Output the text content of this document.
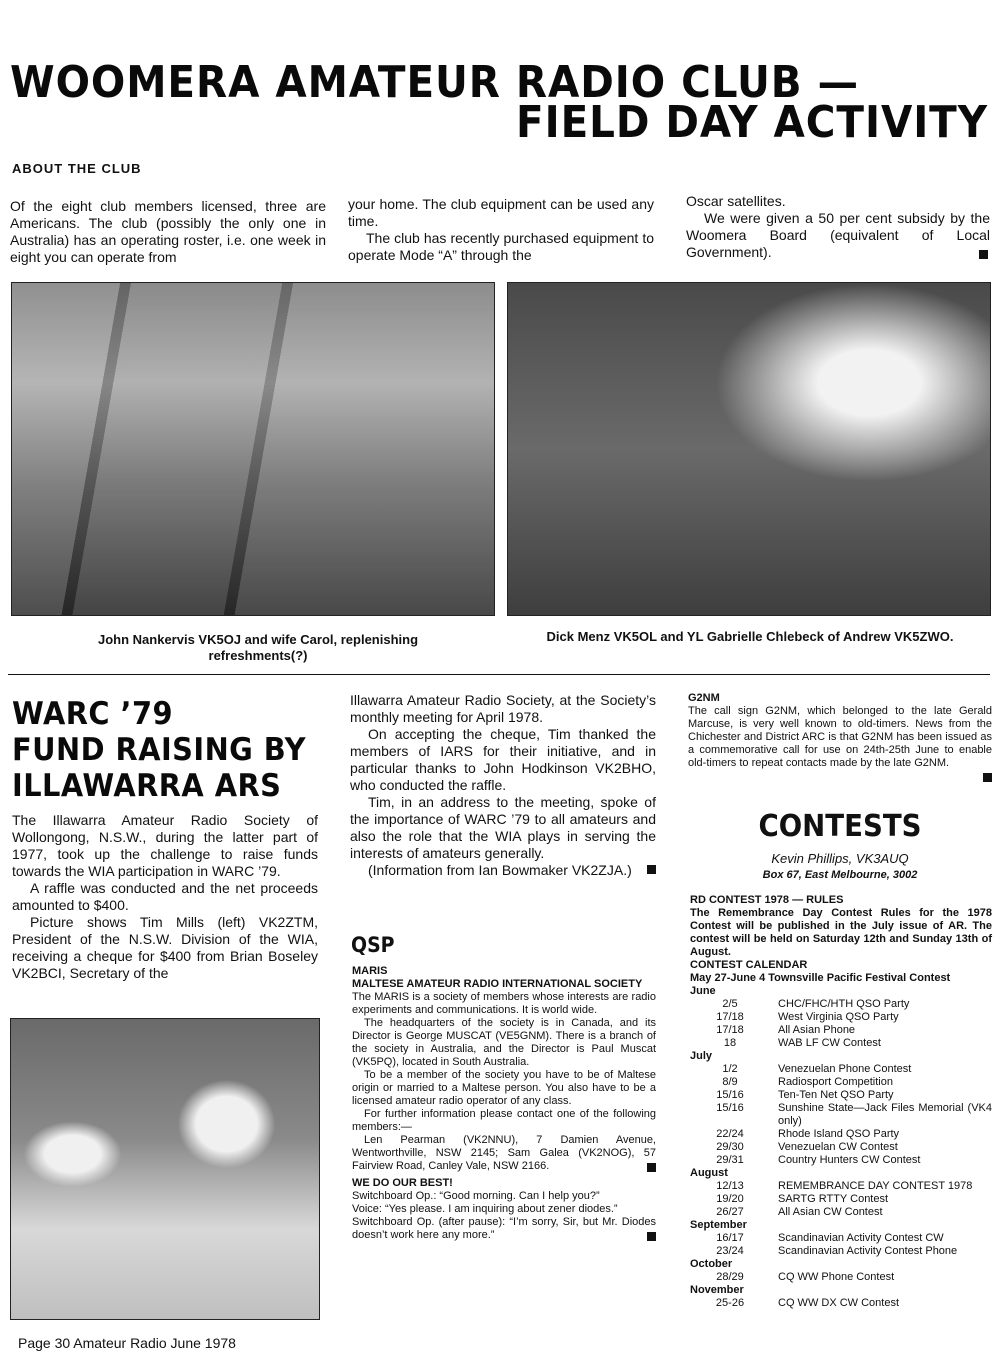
WOOMERA AMATEUR RADIO CLUB —
FIELD DAY ACTIVITY
ABOUT THE CLUB

Of the eight club members licensed, three are Americans. The club (possibly the only one in Australia) has an operating roster, i.e. one week in eight you can operate from

your home. The club equipment can be used any time.

The club has recently purchased equipment to operate Mode “A” through the

Oscar satellites.

We were given a 50 per cent subsidy by the Woomera Board (equivalent of Local Government).

John Nankervis VK5OJ and wife Carol, replenishing refreshments(?)
Dick Menz VK5OL and YL Gabrielle Chlebeck of Andrew VK5ZWO.
WARC ’79
FUND RAISING BY
ILLAWARRA ARS

The Illawarra Amateur Radio Society of Wollongong, N.S.W., during the latter part of 1977, took up the challenge to raise funds towards the WIA participation in WARC ’79.

A raffle was conducted and the net proceeds amounted to $400.

Picture shows Tim Mills (left) VK2ZTM, President of the N.S.W. Division of the WIA, receiving a cheque for $400 from Brian Boseley VK2BCI, Secretary of the

Illawarra Amateur Radio Society, at the Society’s monthly meeting for April 1978.

On accepting the cheque, Tim thanked the members of IARS for their initiative, and in particular thanks to John Hodkinson VK2BHO, who conducted the raffle.

Tim, in an address to the meeting, spoke of the importance of WARC ’79 to all amateurs and also the role that the WIA plays in serving the interests of amateurs generally.

(Information from Ian Bowmaker VK2ZJA.)

QSP

MARIS

MALTESE AMATEUR RADIO INTERNATIONAL SOCIETY

The MARIS is a society of members whose interests are radio experiments and communications. It is world wide.

The headquarters of the society is in Canada, and its Director is George MUSCAT (VE5GNM). There is a branch of the society in Australia, and the Director is Paul Muscat (VK5PQ), located in South Australia.

To be a member of the society you have to be of Maltese origin or married to a Maltese person. You also have to be a licensed amateur radio operator of any class.

For further information please contact one of the following members:—

Len Pearman (VK2NNU), 7 Damien Avenue, Wentworthville, NSW 2145; Sam Galea (VK2NOG), 57 Fairview Road, Canley Vale, NSW 2166.

WE DO OUR BEST!

Switchboard Op.: “Good morning. Can I help you?”

Voice: “Yes please. I am inquiring about zener diodes.”

Switchboard Op. (after pause): “I’m sorry, Sir, but Mr. Diodes doesn’t work here any more.”

G2NM

The call sign G2NM, which belonged to the late Gerald Marcuse, is very well known to old-timers. News from the Chichester and District ARC is that G2NM has been issued as a commemorative call for use on 24th-25th June to enable old-timers to repeat contacts made by the late G2NM.

CONTESTS
Kevin Phillips, VK3AUQ
Box 67, East Melbourne, 3002

RD CONTEST 1978 — RULES

The Remembrance Day Contest Rules for the 1978 Contest will be published in the July issue of AR. The contest will be held on Saturday 12th and Sunday 13th of August.

CONTEST CALENDAR

May 27-June 4 Townsville Pacific Festival Contest

June	
2/5	CHC/FHC/HTH QSO Party
17/18	West Virginia QSO Party
17/18	All Asian Phone
18	WAB LF CW Contest
July	
1/2	Venezuelan Phone Contest
8/9	Radiosport Competition
15/16	Ten-Ten Net QSO Party
15/16	Sunshine State—Jack Files Memorial (VK4 only)
22/24	Rhode Island QSO Party
29/30	Venezuelan CW Contest
29/31	Country Hunters CW Contest
August	
12/13	REMEMBRANCE DAY CONTEST 1978
19/20	SARTG RTTY Contest
26/27	All Asian CW Contest
September	
16/17	Scandinavian Activity Contest CW
23/24	Scandinavian Activity Contest Phone
October	
28/29	CQ WW Phone Contest
November	
25-26	CQ WW DX CW Contest
Page 30 Amateur Radio June 1978
